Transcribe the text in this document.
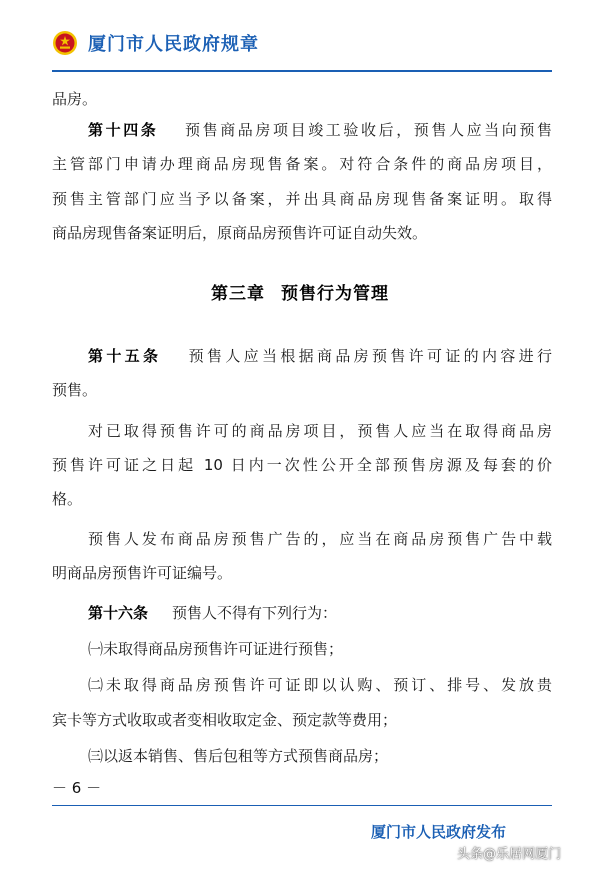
厦门市人民政府规章
品房。
第十四条 预售商品房项目竣工验收后，预售人应当向预售
主管部门申请办理商品房现售备案。对符合条件的商品房项目，
预售主管部门应当予以备案，并出具商品房现售备案证明。取得
商品房现售备案证明后，原商品房预售许可证自动失效。
第三章 预售行为管理
第十五条 预售人应当根据商品房预售许可证的内容进行
预售。
对已取得预售许可的商品房项目，预售人应当在取得商品房
预售许可证之日起 10 日内一次性公开全部预售房源及每套的价
格。
预售人发布商品房预售广告的，应当在商品房预售广告中载
明商品房预售许可证编号。
第十六条 预售人不得有下列行为：
㈠未取得商品房预售许可证进行预售；
㈡未取得商品房预售许可证即以认购、预订、排号、发放贵
宾卡等方式收取或者变相收取定金、预定款等费用；
㈢以返本销售、售后包租等方式预售商品房；
－ 6 －
厦门市人民政府发布
头条@乐居网厦门
